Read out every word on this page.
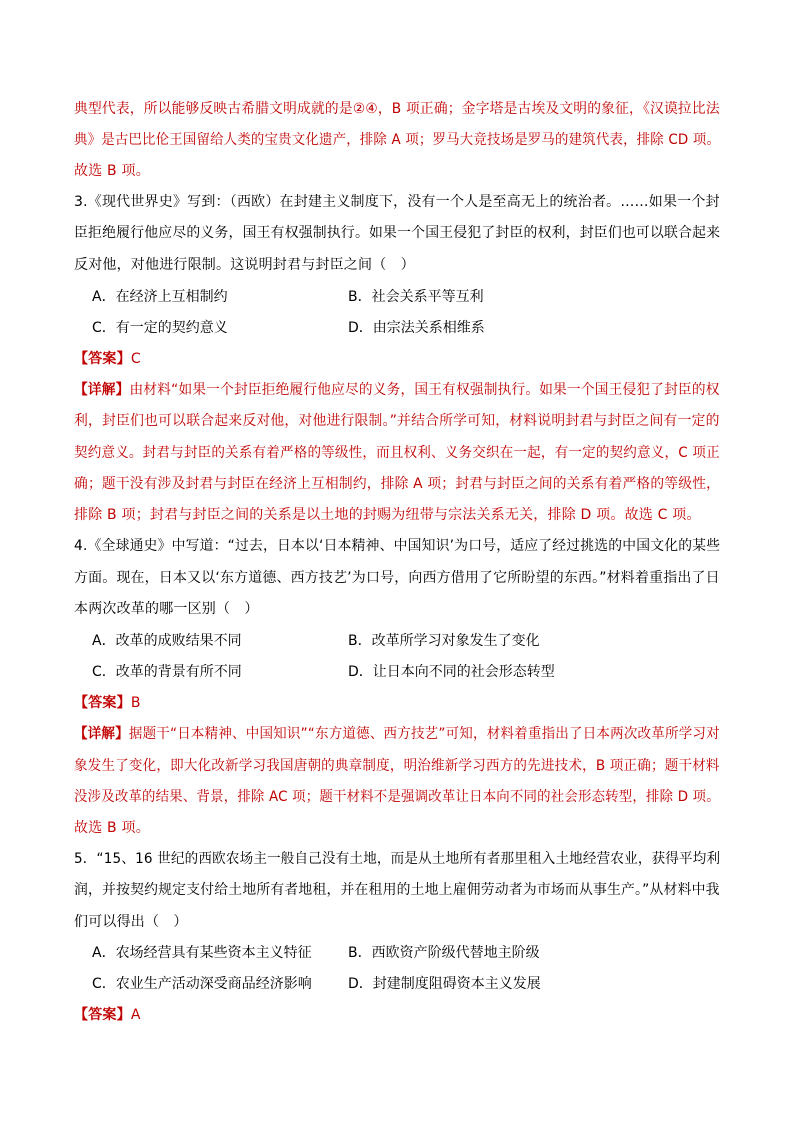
典型代表，所以能够反映古希腊文明成就的是②④，B 项正确；金字塔是古埃及文明的象征，《汉谟拉比法
典》是古巴比伦王国留给人类的宝贵文化遗产，排除 A 项；罗马大竞技场是罗马的建筑代表，排除 CD 项。
故选 B 项。
3.《现代世界史》写到：（西欧）在封建主义制度下，没有一个人是至高无上的统治者。……如果一个封
臣拒绝履行他应尽的义务，国王有权强制执行。如果一个国王侵犯了封臣的权利，封臣们也可以联合起来
反对他，对他进行限制。这说明封君与封臣之间（　）
A．在经济上互相制约	B．社会关系平等互利
C．有一定的契约意义	D．由宗法关系相维系
【答案】C
【详解】由材料“如果一个封臣拒绝履行他应尽的义务，国王有权强制执行。如果一个国王侵犯了封臣的权
利，封臣们也可以联合起来反对他，对他进行限制。”并结合所学可知，材料说明封君与封臣之间有一定的
契约意义。封君与封臣的关系有着严格的等级性，而且权利、义务交织在一起，有一定的契约意义，C 项正
确；题干没有涉及封君与封臣在经济上互相制约，排除 A 项；封君与封臣之间的关系有着严格的等级性，
排除 B 项；封君与封臣之间的关系是以土地的封赐为纽带与宗法关系无关，排除 D 项。故选 C 项。
4.《全球通史》中写道：“过去，日本以‘日本精神、中国知识’为口号，适应了经过挑选的中国文化的某些
方面。现在，日本又以‘东方道德、西方技艺’为口号，向西方借用了它所盼望的东西。”材料着重指出了日
本两次改革的哪一区别（　）
A．改革的成败结果不同	B．改革所学习对象发生了变化
C．改革的背景有所不同	D．让日本向不同的社会形态转型
【答案】B
【详解】据题干“日本精神、中国知识”“东方道德、西方技艺”可知，材料着重指出了日本两次改革所学习对
象发生了变化，即大化改新学习我国唐朝的典章制度，明治维新学习西方的先进技术，B 项正确；题干材料
没涉及改革的结果、背景，排除 AC 项；题干材料不是强调改革让日本向不同的社会形态转型，排除 D 项。
故选 B 项。
5．“15、16 世纪的西欧农场主一般自己没有土地，而是从土地所有者那里租入土地经营农业，获得平均利
润，并按契约规定支付给土地所有者地租，并在租用的土地上雇佣劳动者为市场而从事生产。”从材料中我
们可以得出（　）
A．农场经营具有某些资本主义特征	B．西欧资产阶级代替地主阶级
C．农业生产活动深受商品经济影响	D．封建制度阻碍资本主义发展
【答案】A
